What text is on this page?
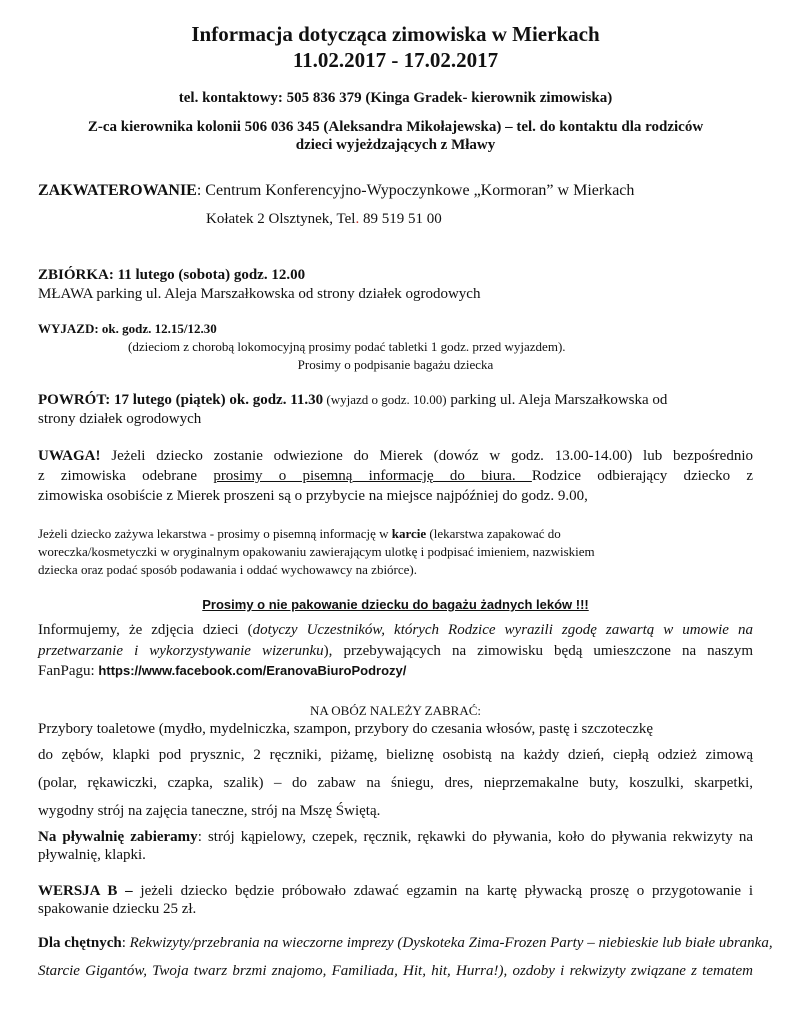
Informacja dotycząca zimowiska w Mierkach
11.02.2017 - 17.02.2017
tel. kontaktowy: 505 836 379 (Kinga Gradek- kierownik zimowiska)
Z-ca kierownika kolonii 506 036 345 (Aleksandra Mikołajewska) – tel. do kontaktu dla rodziców
dzieci wyjeżdzających z Mławy
ZAKWATEROWANIE: Centrum Konferencyjno-Wypoczynkowe „Kormoran” w Mierkach
Kołatek 2 Olsztynek, Tel. 89 519 51 00
ZBIÓRKA: 11 lutego (sobota) godz. 12.00
MŁAWA parking ul. Aleja Marszałkowska od strony działek ogrodowych
WYJAZD: ok. godz. 12.15/12.30
(dzieciom z chorobą lokomocyjną prosimy podać tabletki 1 godz. przed wyjazdem).
Prosimy o podpisanie bagażu dziecka
POWRÓT: 17 lutego (piątek) ok. godz. 11.30 (wyjazd o godz. 10.00) parking ul. Aleja Marszałkowska od
strony działek ogrodowych
UWAGA! Jeżeli dziecko zostanie odwiezione do Mierek (dowóz w godz. 13.00-14.00) lub bezpośrednio
z zimowiska odebrane prosimy o pisemną informację do biura. Rodzice odbierający dziecko z
zimowiska osobiście z Mierek proszeni są o przybycie na miejsce najpóźniej do godz. 9.00,
Jeżeli dziecko zażywa lekarstwa - prosimy o pisemną informację w karcie (lekarstwa zapakować do
woreczka/kosmetyczki w oryginalnym opakowaniu zawierającym ulotkę i podpisać imieniem, nazwiskiem
dziecka oraz podać sposób podawania i oddać wychowawcy na zbiórce).
Prosimy o nie pakowanie dziecku do bagażu żadnych leków !!!
Informujemy, że zdjęcia dzieci (dotyczy Uczestników, których Rodzice wyrazili zgodę zawartą w umowie na
przetwarzanie i wykorzystywanie wizerunku), przebywających na zimowisku będą umieszczone na naszym
FanPagu: https://www.facebook.com/EranovaBiuroPodrozy/
NA OBÓZ NALEŻY ZABRAĆ:
Przybory toaletowe (mydło, mydelniczka, szampon, przybory do czesania włosów, pastę i szczoteczkę
do zębów, klapki pod prysznic, 2 ręczniki, piżamę, bieliznę osobistą na każdy dzień, ciepłą odzież zimową
(polar, rękawiczki, czapka, szalik) – do zabaw na śniegu, dres, nieprzemakalne buty, koszulki, skarpetki,
wygodny strój na zajęcia taneczne, strój na Mszę Świętą.
Na pływalnię zabieramy: strój kąpielowy, czepek, ręcznik, rękawki do pływania, koło do pływania rekwizyty na
pływalnię, klapki.
WERSJA B – jeżeli dziecko będzie próbowało zdawać egzamin na kartę pływacką proszę o przygotowanie i
spakowanie dziecku 25 zł.
Dla chętnych: Rekwizyty/przebrania na wieczorne imprezy (Dyskoteka Zima-Frozen Party – niebieskie lub białe ubranka,
Starcie Gigantów, Twoja twarz brzmi znajomo, Familiada, Hit, hit, Hurra!), ozdoby i rekwizyty związane z tematem
